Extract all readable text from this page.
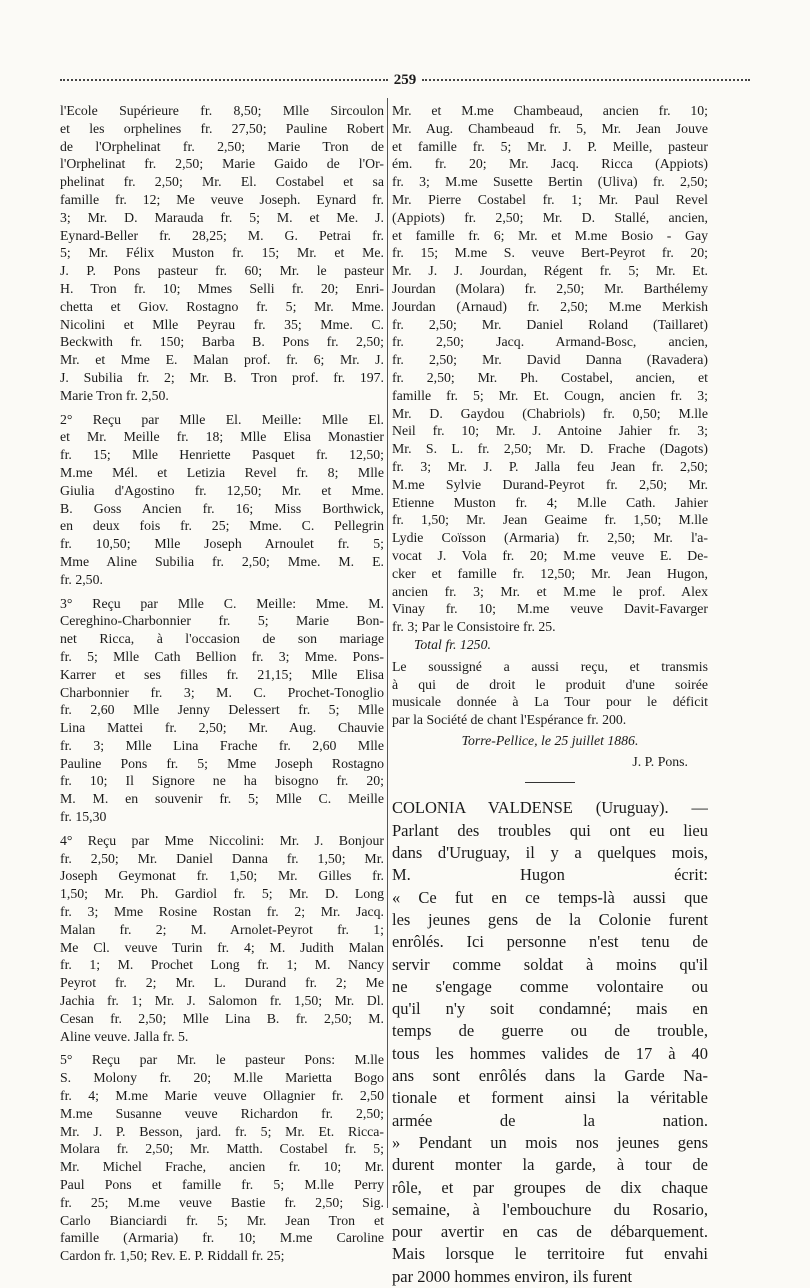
259

l'Ecole Supérieure fr. 8,50; Mlle Sircoulon
et les orphelines fr. 27,50; Pauline Robert
de l'Orphelinat fr. 2,50; Marie Tron de
l'Orphelinat fr. 2,50; Marie Gaido de l'Or-
phelinat fr. 2,50; Mr. El. Costabel et sa
famille fr. 12; Me veuve Joseph. Eynard fr.
3; Mr. D. Marauda fr. 5; M. et Me. J.
Eynard-Beller fr. 28,25; M. G. Petrai fr.
5; Mr. Félix Muston fr. 15; Mr. et Me.
J. P. Pons pasteur fr. 60; Mr. le pasteur
H. Tron fr. 10; Mmes Selli fr. 20; Enri-
chetta et Giov. Rostagno fr. 5; Mr. Mme.
Nicolini et Mlle Peyrau fr. 35; Mme. C.
Beckwith fr. 150; Barba B. Pons fr. 2,50;
Mr. et Mme E. Malan prof. fr. 6; Mr. J.
J. Subilia fr. 2; Mr. B. Tron prof. fr. 197.
Marie Tron fr. 2,50.

2° Reçu par Mlle El. Meille: Mlle El.
et Mr. Meille fr. 18; Mlle Elisa Monastier
fr. 15; Mlle Henriette Pasquet fr. 12,50;
M.me Mél. et Letizia Revel fr. 8; Mlle
Giulia d'Agostino fr. 12,50; Mr. et Mme.
B. Goss Ancien fr. 16; Miss Borthwick,
en deux fois fr. 25; Mme. C. Pellegrin
fr. 10,50; Mlle Joseph Arnoulet fr. 5;
Mme Aline Subilia fr. 2,50; Mme. M. E.
fr. 2,50.

3° Reçu par Mlle C. Meille: Mme. M.
Cereghino-Charbonnier fr. 5; Marie Bon-
net Ricca, à l'occasion de son mariage
fr. 5; Mlle Cath Bellion fr. 3; Mme. Pons-
Karrer et ses filles fr. 21,15; Mlle Elisa
Charbonnier fr. 3; M. C. Prochet-Tonoglio
fr. 2,60 Mlle Jenny Delessert fr. 5; Mlle
Lina Mattei fr. 2,50; Mr. Aug. Chauvie
fr. 3; Mlle Lina Frache fr. 2,60 Mlle
Pauline Pons fr. 5; Mme Joseph Rostagno
fr. 10; Il Signore ne ha bisogno fr. 20;
M. M. en souvenir fr. 5; Mlle C. Meille
fr. 15,30

4° Reçu par Mme Niccolini: Mr. J. Bonjour
fr. 2,50; Mr. Daniel Danna fr. 1,50; Mr.
Joseph Geymonat fr. 1,50; Mr. Gilles fr.
1,50; Mr. Ph. Gardiol fr. 5; Mr. D. Long
fr. 3; Mme Rosine Rostan fr. 2; Mr. Jacq.
Malan fr. 2; M. Arnolet-Peyrot fr. 1;
Me Cl. veuve Turin fr. 4; M. Judith Malan
fr. 1; M. Prochet Long fr. 1; M. Nancy
Peyrot fr. 2; Mr. L. Durand fr. 2; Me
Jachia fr. 1; Mr. J. Salomon fr. 1,50; Mr. Dl.
Cesan fr. 2,50; Mlle Lina B. fr. 2,50; M.
Aline veuve. Jalla fr. 5.

5° Reçu par Mr. le pasteur Pons: M.lle
S. Molony fr. 20; M.lle Marietta Bogo
fr. 4; M.me Marie veuve Ollagnier fr. 2,50
M.me Susanne veuve Richardon fr. 2,50;
Mr. J. P. Besson, jard. fr. 5; Mr. Et. Ricca-
Molara fr. 2,50; Mr. Matth. Costabel fr. 5;
Mr. Michel Frache, ancien fr. 10; Mr.
Paul Pons et famille fr. 5; M.lle Perry
fr. 25; M.me veuve Bastie fr. 2,50; Sig.
Carlo Bianciardi fr. 5; Mr. Jean Tron et
famille (Armaria) fr. 10; M.me Caroline
Cardon fr. 1,50; Rev. E. P. Riddall fr. 25;

Mr. et M.me Chambeaud, ancien fr. 10;
Mr. Aug. Chambeaud fr. 5, Mr. Jean Jouve
et famille fr. 5; Mr. J. P. Meille, pasteur
ém. fr. 20; Mr. Jacq. Ricca (Appiots)
fr. 3; M.me Susette Bertin (Uliva) fr. 2,50;
Mr. Pierre Costabel fr. 1; Mr. Paul Revel
(Appiots) fr. 2,50; Mr. D. Stallé, ancien,
et famille fr. 6; Mr. et M.me Bosio - Gay
fr. 15; M.me S. veuve Bert-Peyrot fr. 20;
Mr. J. J. Jourdan, Régent fr. 5; Mr. Et.
Jourdan (Molara) fr. 2,50; Mr. Barthélemy
Jourdan (Arnaud) fr. 2,50; M.me Merkish
fr. 2,50; Mr. Daniel Roland (Taillaret)
fr. 2,50; Jacq. Armand-Bosc, ancien,
fr. 2,50; Mr. David Danna (Ravadera)
fr. 2,50; Mr. Ph. Costabel, ancien, et
famille fr. 5; Mr. Et. Cougn, ancien fr. 3;
Mr. D. Gaydou (Chabriols) fr. 0,50; M.lle
Neil fr. 10; Mr. J. Antoine Jahier fr. 3;
Mr. S. L. fr. 2,50; Mr. D. Frache (Dagots)
fr. 3; Mr. J. P. Jalla feu Jean fr. 2,50;
M.me Sylvie Durand-Peyrot fr. 2,50; Mr.
Etienne Muston fr. 4; M.lle Cath. Jahier
fr. 1,50; Mr. Jean Geaime fr. 1,50; M.lle
Lydie Coïsson (Armaria) fr. 2,50; Mr. l'a-
vocat J. Vola fr. 20; M.me veuve E. De-
cker et famille fr. 12,50; Mr. Jean Hugon,
ancien fr. 3; Mr. et M.me le prof. Alex
Vinay fr. 10; M.me veuve Davit-Favarger
fr. 3; Par le Consistoire fr. 25.

Total fr. 1250.

Le soussigné a aussi reçu, et transmis
à qui de droit le produit d'une soirée
musicale donnée à La Tour pour le déficit
par la Société de chant l'Espérance fr. 200.

Torre-Pellice, le 25 juillet 1886.

J. P. Pons.

COLONIA VALDENSE (Uruguay). —
Parlant des troubles qui ont eu lieu
dans d'Uruguay, il y a quelques mois,
M. Hugon écrit:
« Ce fut en ce temps-là aussi que
les jeunes gens de la Colonie furent
enrôlés. Ici personne n'est tenu de
servir comme soldat à moins qu'il
ne s'engage comme volontaire ou
qu'il n'y soit condamné; mais en
temps de guerre ou de trouble,
tous les hommes valides de 17 à 40
ans sont enrôlés dans la Garde Na-
tionale et forment ainsi la véritable
armée de la nation.
» Pendant un mois nos jeunes gens
durent monter la garde, à tour de
rôle, et par groupes de dix chaque
semaine, à l'embouchure du Rosario,
pour avertir en cas de débarquement.
Mais lorsque le territoire fut envahi
par 2000 hommes environ, ils furent
